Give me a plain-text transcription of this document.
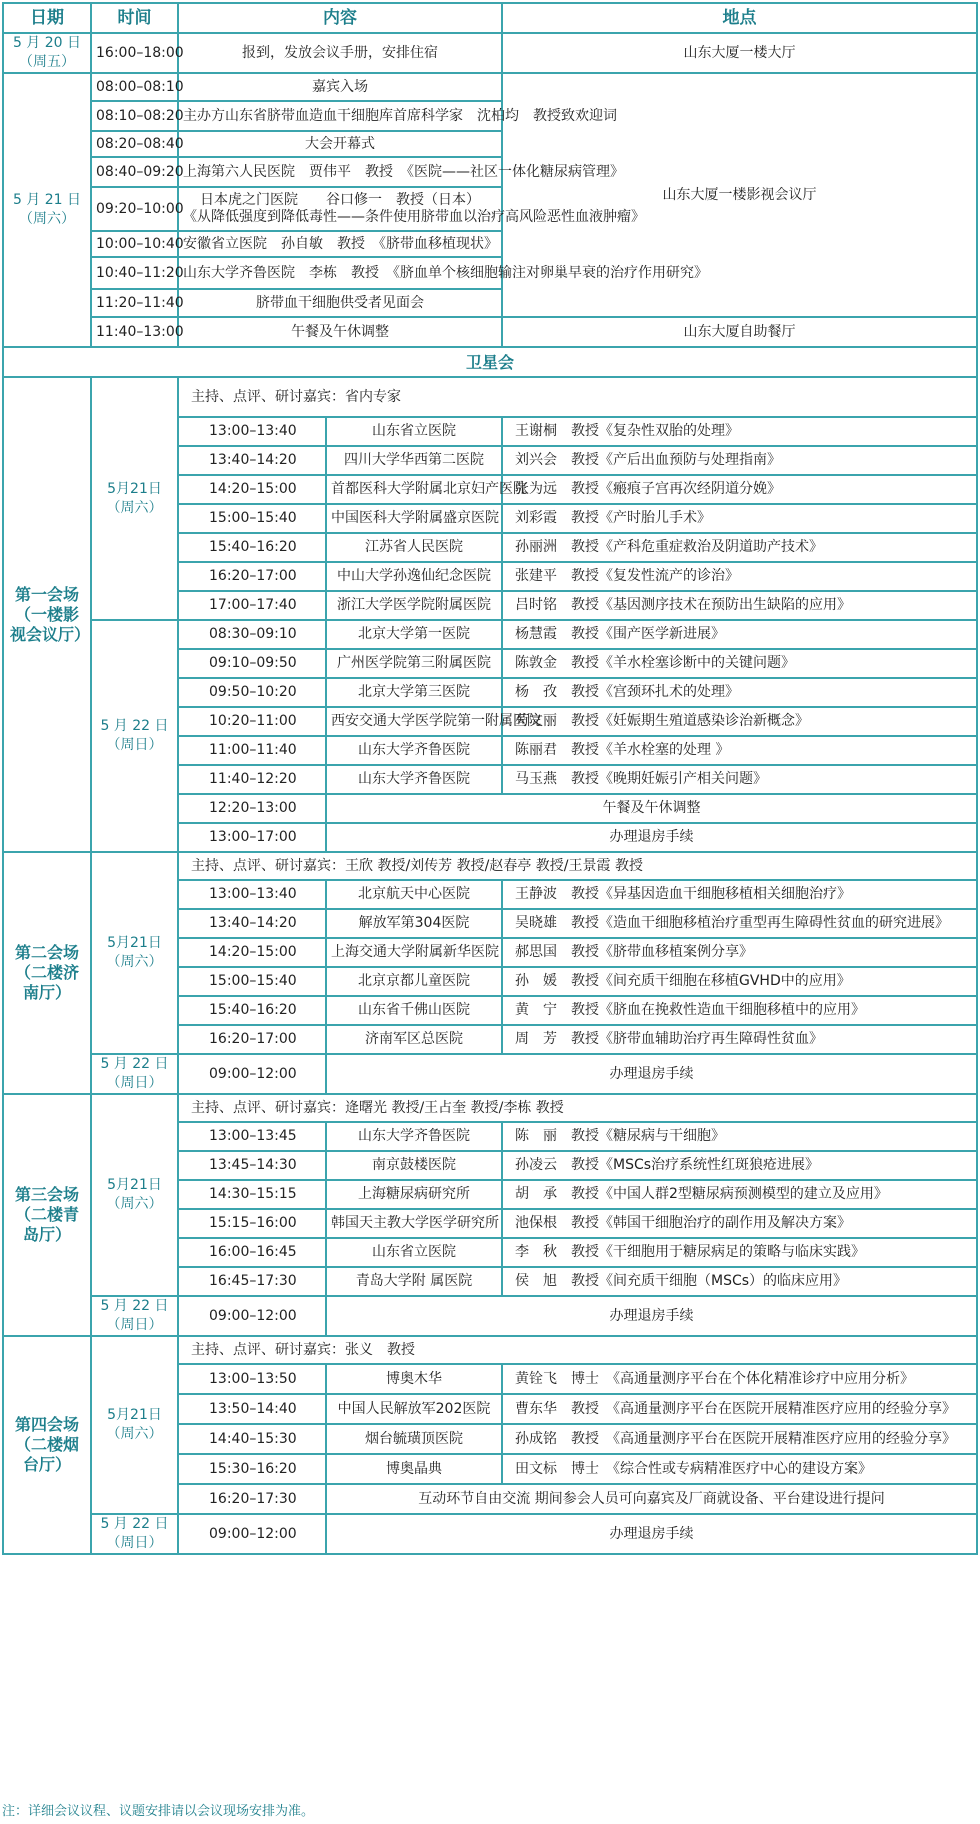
日期	时间	内容		地点
5 月 20 日
（周五）	16:00–18:00	报到，发放会议手册，安排住宿		山东大厦一楼大厅
5 月 21 日
（周六）	08:00–08:10	嘉宾入场		山东大厦一楼影视会议厅
	08:10–08:20	主办方山东省脐带血造血干细胞库首席科学家　沈柏均　教授致欢迎词		
	08:20–08:40	大会开幕式		
	08:40–09:20	上海第六人民医院　贾伟平　教授　《医院——社区一体化糖尿病管理》		
	09:20–10:00	日本虎之门医院　　谷口修一　教授（日本）
《从降低强度到降低毒性——条件使用脐带血以治疗高风险恶性血液肿瘤》		
	10:00–10:40	安徽省立医院　孙自敏　教授　《脐带血移植现状》		
	10:40–11:20	山东大学齐鲁医院　李栋　教授　《脐血单个核细胞输注对卵巢早衰的治疗作用研究》		
	11:20–11:40	脐带血干细胞供受者见面会		
	11:40–13:00	午餐及午休调整		山东大厦自助餐厅
卫星会				
第一会场（一楼影视会议厅）	5月21日
（周六）	主持、点评、研讨嘉宾：省内专家		
		13:00–13:40	山东省立医院	王谢桐　教授《复杂性双胎的处理》
		13:40–14:20	四川大学华西第二医院	刘兴会　教授《产后出血预防与处理指南》
		14:20–15:00	首都医科大学附属北京妇产医院	张为远　教授《瘢痕子宫再次经阴道分娩》
		15:00–15:40	中国医科大学附属盛京医院	刘彩霞　教授《产时胎儿手术》
		15:40–16:20	江苏省人民医院	孙丽洲　教授《产科危重症救治及阴道助产技术》
		16:20–17:00	中山大学孙逸仙纪念医院	张建平　教授《复发性流产的诊治》
		17:00–17:40	浙江大学医学院附属医院	吕时铭　教授《基因测序技术在预防出生缺陷的应用》
	5 月 22 日
（周日）	08:30–09:10	北京大学第一医院	杨慧霞　教授《围产医学新进展》
		09:10–09:50	广州医学院第三附属医院	陈敦金　教授《羊水栓塞诊断中的关键问题》
		09:50–10:20	北京大学第三医院	杨　孜　教授《宫颈环扎术的处理》
		10:20–11:00	西安交通大学医学院第一附属医院	苟文丽　教授《妊娠期生殖道感染诊治新概念》
		11:00–11:40	山东大学齐鲁医院	陈丽君　教授《羊水栓塞的处理 》
		11:40–12:20	山东大学齐鲁医院	马玉燕　教授《晚期妊娠引产相关问题》
		12:20–13:00	午餐及午休调整	
		13:00–17:00	办理退房手续	
第二会场（二楼济南厅）	5月21日
（周六）	主持、点评、研讨嘉宾：王欣 教授/刘传芳 教授/赵春亭 教授/王景霞 教授		
		13:00–13:40	北京航天中心医院	王静波　教授《异基因造血干细胞移植相关细胞治疗》
		13:40–14:20	解放军第304医院	吴晓雄　教授《造血干细胞移植治疗重型再生障碍性贫血的研究进展》
		14:20–15:00	上海交通大学附属新华医院	郝思国　教授《脐带血移植案例分享》
		15:00–15:40	北京京都儿童医院	孙　媛　教授《间充质干细胞在移植GVHD中的应用》
		15:40–16:20	山东省千佛山医院	黄　宁　教授《脐血在挽救性造血干细胞移植中的应用》
		16:20–17:00	济南军区总医院	周　芳　教授《脐带血辅助治疗再生障碍性贫血》
	5 月 22 日
（周日）	09:00–12:00	办理退房手续	
第三会场（二楼青岛厅）	5月21日
（周六）	主持、点评、研讨嘉宾：逄曙光 教授/王占奎 教授/李栋 教授		
		13:00–13:45	山东大学齐鲁医院	陈　丽　教授《糖尿病与干细胞》
		13:45–14:30	南京鼓楼医院	孙凌云　教授《MSCs治疗系统性红斑狼疮进展》
		14:30–15:15	上海糖尿病研究所	胡　承　教授《中国人群2型糖尿病预测模型的建立及应用》
		15:15–16:00	韩国天主教大学医学研究所	池保根　教授《韩国干细胞治疗的副作用及解决方案》
		16:00–16:45	山东省立医院	李　秋　教授《干细胞用于糖尿病足的策略与临床实践》
		16:45–17:30	青岛大学附 属医院	侯　旭　教授《间充质干细胞（MSCs）的临床应用》
	5 月 22 日
（周日）	09:00–12:00	办理退房手续	
第四会场（二楼烟台厅）	5月21日
（周六）	主持、点评、研讨嘉宾：张义　教授		
		13:00–13:50	博奥木华	黄铨飞　博士　《高通量测序平台在个体化精准诊疗中应用分析》
		13:50–14:40	中国人民解放军202医院	曹东华　教授　《高通量测序平台在医院开展精准医疗应用的经验分享》
		14:40–15:30	烟台毓璜顶医院	孙成铭　教授　《高通量测序平台在医院开展精准医疗应用的经验分享》
		15:30–16:20	博奥晶典	田文标　博士　《综合性或专病精准医疗中心的建设方案》
		16:20–17:30	互动环节自由交流 期间参会人员可向嘉宾及厂商就设备、平台建设进行提问	
	5 月 22 日
（周日）	09:00–12:00	办理退房手续	
注：详细会议议程、议题安排请以会议现场安排为准。
